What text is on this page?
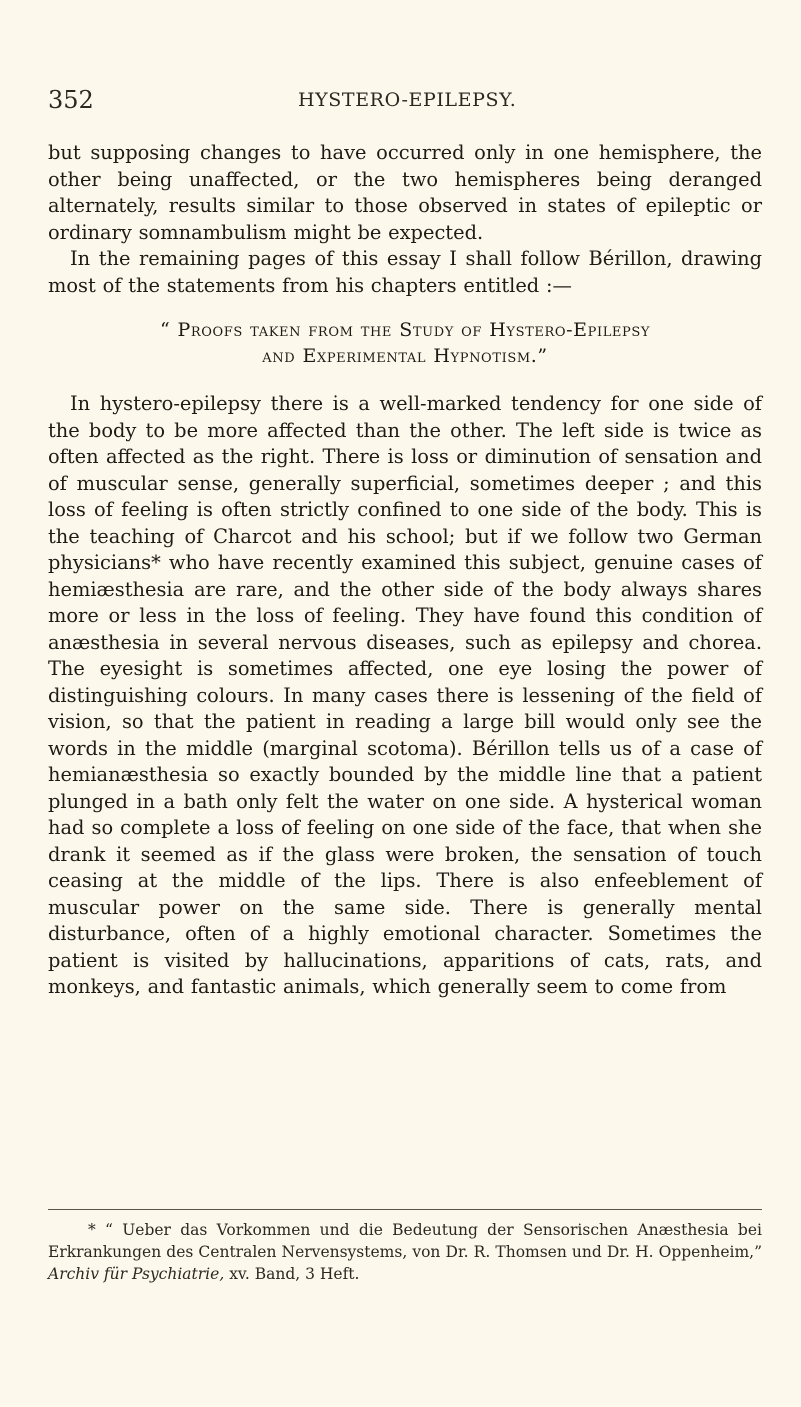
352	HYSTERO-EPILEPSY.

but supposing changes to have occurred only in one hemisphere, the other being unaffected, or the two hemispheres being deranged alternately, results similar to those observed in states of epileptic or ordinary somnambulism might be expected.

In the remaining pages of this essay I shall follow Bérillon, drawing most of the statements from his chapters entitled :—

“ Proofs taken from the Study of Hystero-Epilepsy
and Experimental Hypnotism.”

In hystero-epilepsy there is a well-marked tendency for one side of the body to be more affected than the other. The left side is twice as often affected as the right. There is loss or diminution of sensation and of muscular sense, generally superficial, sometimes deeper ; and this loss of feeling is often strictly confined to one side of the body. This is the teaching of Charcot and his school; but if we follow two German physicians* who have recently examined this subject, genuine cases of hemiæsthesia are rare, and the other side of the body always shares more or less in the loss of feeling. They have found this condition of anæsthesia in several nervous diseases, such as epilepsy and chorea. The eyesight is sometimes affected, one eye losing the power of distinguishing colours. In many cases there is lessening of the field of vision, so that the patient in reading a large bill would only see the words in the middle (marginal scotoma). Bérillon tells us of a case of hemianæsthesia so exactly bounded by the middle line that a patient plunged in a bath only felt the water on one side. A hysterical woman had so complete a loss of feeling on one side of the face, that when she drank it seemed as if the glass were broken, the sensation of touch ceasing at the middle of the lips. There is also enfeeblement of muscular power on the same side. There is generally mental disturbance, often of a highly emotional character. Sometimes the patient is visited by hallucinations, apparitions of cats, rats, and monkeys, and fantastic animals, which generally seem to come from

* “ Ueber das Vorkommen und die Bedeutung der Sensorischen Anæsthesia bei Erkrankungen des Centralen Nervensystems, von Dr. R. Thomsen und Dr. H. Oppenheim,” Archiv für Psychiatrie, xv. Band, 3 Heft.
